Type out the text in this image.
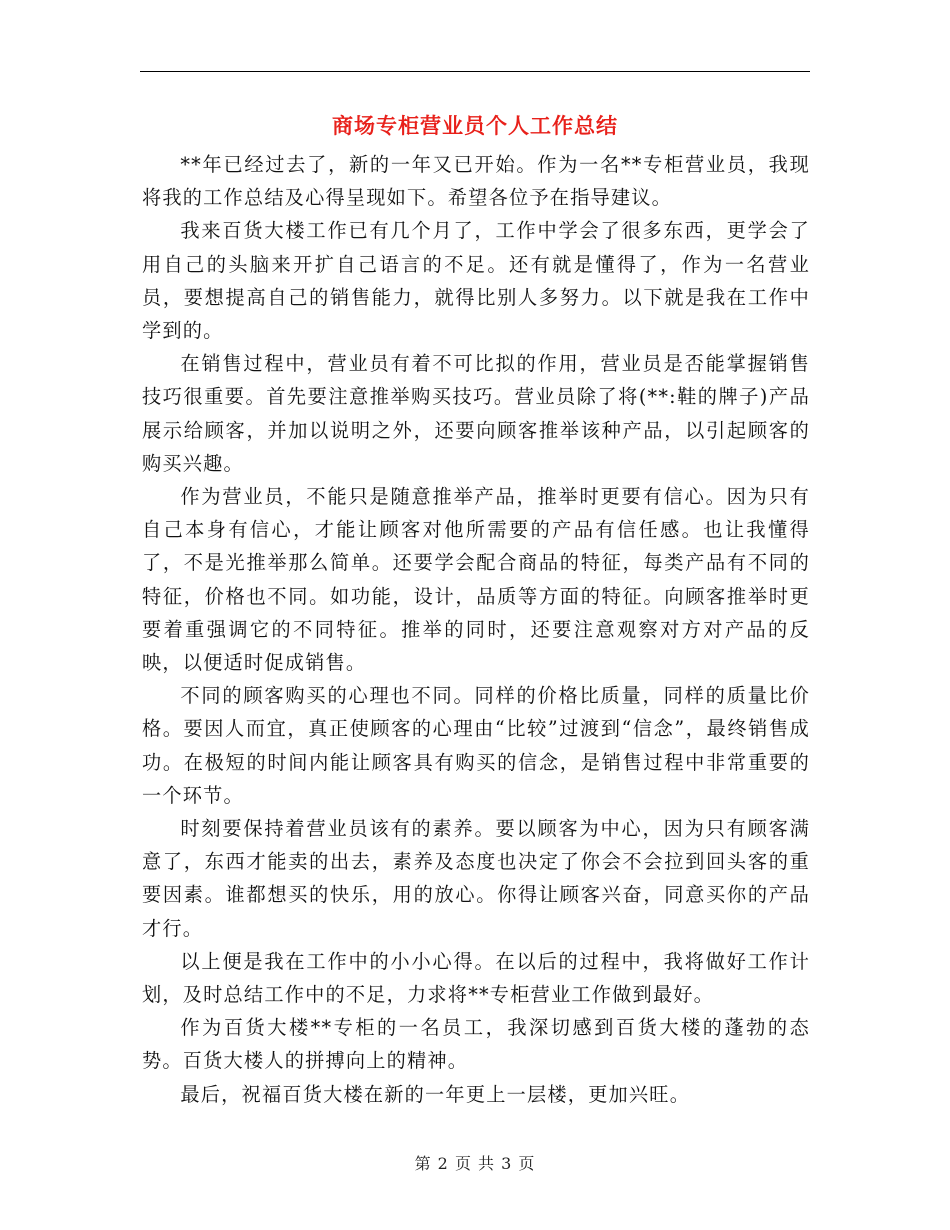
商场专柜营业员个人工作总结

**年已经过去了，新的一年又已开始。作为一名**专柜营业员，我现将我的工作总结及心得呈现如下。希望各位予在指导建议。

我来百货大楼工作已有几个月了，工作中学会了很多东西，更学会了用自己的头脑来开扩自己语言的不足。还有就是懂得了，作为一名营业员，要想提高自己的销售能力，就得比别人多努力。以下就是我在工作中学到的。

在销售过程中，营业员有着不可比拟的作用，营业员是否能掌握销售技巧很重要。首先要注意推举购买技巧。营业员除了将(**:鞋的牌子)产品展示给顾客，并加以说明之外，还要向顾客推举该种产品，以引起顾客的购买兴趣。

作为营业员，不能只是随意推举产品，推举时更要有信心。因为只有自己本身有信心，才能让顾客对他所需要的产品有信任感。也让我懂得了，不是光推举那么简单。还要学会配合商品的特征，每类产品有不同的特征，价格也不同。如功能，设计，品质等方面的特征。向顾客推举时更要着重强调它的不同特征。推举的同时，还要注意观察对方对产品的反映，以便适时促成销售。

不同的顾客购买的心理也不同。同样的价格比质量，同样的质量比价格。要因人而宜，真正使顾客的心理由“比较”过渡到“信念”，最终销售成功。在极短的时间内能让顾客具有购买的信念，是销售过程中非常重要的一个环节。

时刻要保持着营业员该有的素养。要以顾客为中心，因为只有顾客满意了，东西才能卖的出去，素养及态度也决定了你会不会拉到回头客的重要因素。谁都想买的快乐，用的放心。你得让顾客兴奋，同意买你的产品才行。

以上便是我在工作中的小小心得。在以后的过程中，我将做好工作计划，及时总结工作中的不足，力求将**专柜营业工作做到最好。

作为百货大楼**专柜的一名员工，我深切感到百货大楼的蓬勃的态势。百货大楼人的拼搏向上的精神。

最后，祝福百货大楼在新的一年更上一层楼，更加兴旺。

第 2 页 共 3 页
